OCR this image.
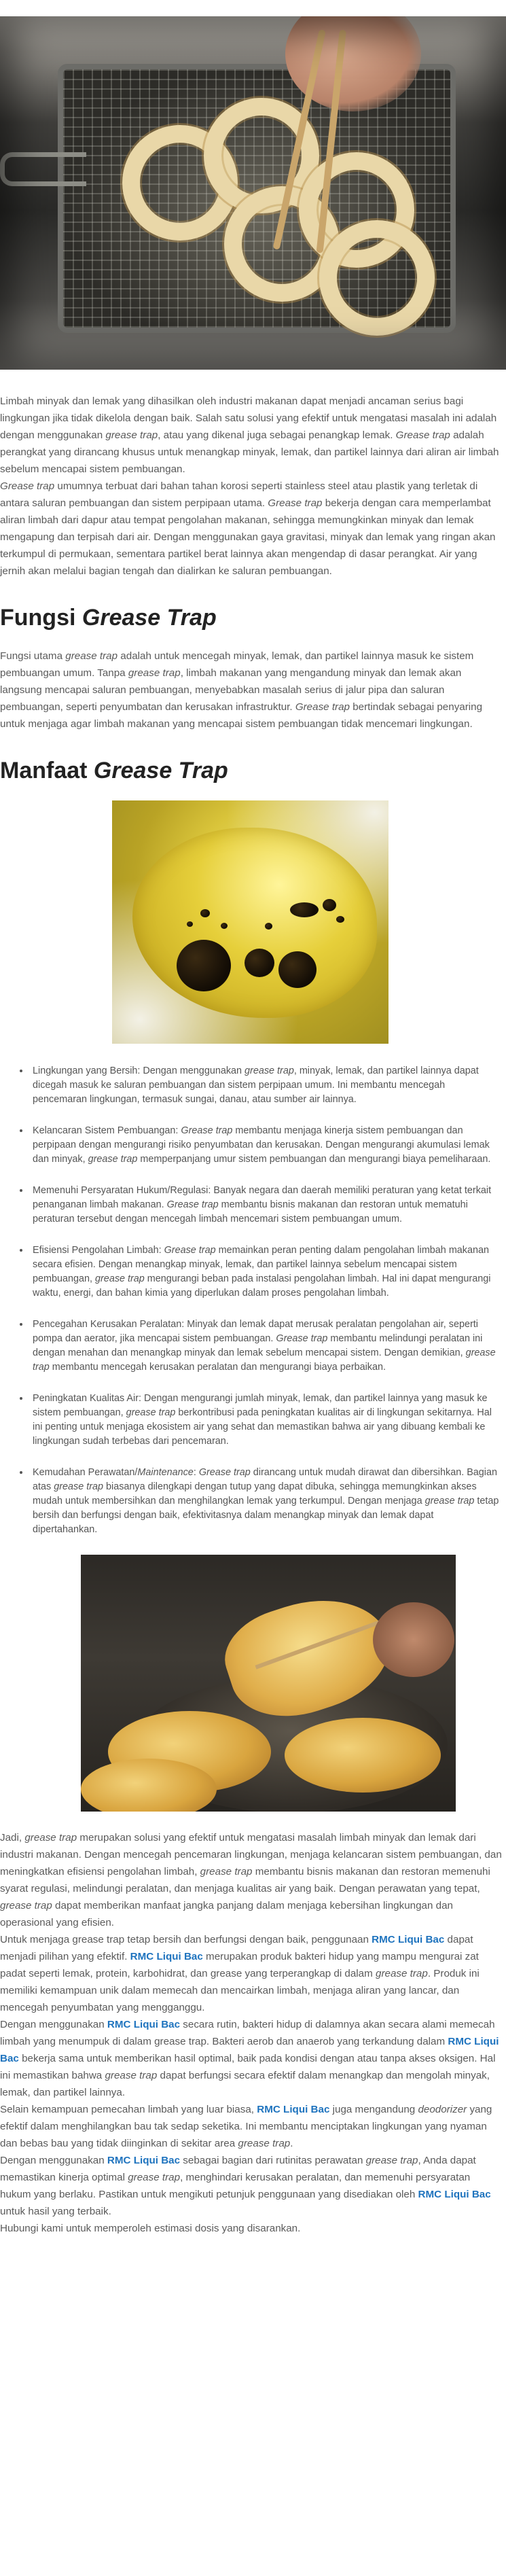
Limbah minyak dan lemak yang dihasilkan oleh industri makanan dapat menjadi ancaman serius bagi lingkungan jika tidak dikelola dengan baik. Salah satu solusi yang efektif untuk mengatasi masalah ini adalah dengan menggunakan grease trap, atau yang dikenal juga sebagai penangkap lemak. Grease trap adalah perangkat yang dirancang khusus untuk menangkap minyak, lemak, dan partikel lainnya dari aliran air limbah sebelum mencapai sistem pembuangan.

Grease trap umumnya terbuat dari bahan tahan korosi seperti stainless steel atau plastik yang terletak di antara saluran pembuangan dan sistem perpipaan utama. Grease trap bekerja dengan cara memperlambat aliran limbah dari dapur atau tempat pengolahan makanan, sehingga memungkinkan minyak dan lemak mengapung dan terpisah dari air. Dengan menggunakan gaya gravitasi, minyak dan lemak yang ringan akan terkumpul di permukaan, sementara partikel berat lainnya akan mengendap di dasar perangkat. Air yang jernih akan melalui bagian tengah dan dialirkan ke saluran pembuangan.

Fungsi Grease Trap

Fungsi utama grease trap adalah untuk mencegah minyak, lemak, dan partikel lainnya masuk ke sistem pembuangan umum. Tanpa grease trap, limbah makanan yang mengandung minyak dan lemak akan langsung mencapai saluran pembuangan, menyebabkan masalah serius di jalur pipa dan saluran pembuangan, seperti penyumbatan dan kerusakan infrastruktur. Grease trap bertindak sebagai penyaring untuk menjaga agar limbah makanan yang mencapai sistem pembuangan tidak mencemari lingkungan.

Manfaat Grease Trap
• Lingkungan yang Bersih: Dengan menggunakan grease trap, minyak, lemak, dan partikel lainnya dapat dicegah masuk ke saluran pembuangan dan sistem perpipaan umum. Ini membantu mencegah pencemaran lingkungan, termasuk sungai, danau, atau sumber air lainnya.
• Kelancaran Sistem Pembuangan: Grease trap membantu menjaga kinerja sistem pembuangan dan perpipaan dengan mengurangi risiko penyumbatan dan kerusakan. Dengan mengurangi akumulasi lemak dan minyak, grease trap memperpanjang umur sistem pembuangan dan mengurangi biaya pemeliharaan.
• Memenuhi Persyaratan Hukum/Regulasi: Banyak negara dan daerah memiliki peraturan yang ketat terkait penanganan limbah makanan. Grease trap membantu bisnis makanan dan restoran untuk mematuhi peraturan tersebut dengan mencegah limbah mencemari sistem pembuangan umum.
• Efisiensi Pengolahan Limbah: Grease trap memainkan peran penting dalam pengolahan limbah makanan secara efisien. Dengan menangkap minyak, lemak, dan partikel lainnya sebelum mencapai sistem pembuangan, grease trap mengurangi beban pada instalasi pengolahan limbah. Hal ini dapat mengurangi waktu, energi, dan bahan kimia yang diperlukan dalam proses pengolahan limbah.
• Pencegahan Kerusakan Peralatan: Minyak dan lemak dapat merusak peralatan pengolahan air, seperti pompa dan aerator, jika mencapai sistem pembuangan. Grease trap membantu melindungi peralatan ini dengan menahan dan menangkap minyak dan lemak sebelum mencapai sistem. Dengan demikian, grease trap membantu mencegah kerusakan peralatan dan mengurangi biaya perbaikan.
• Peningkatan Kualitas Air: Dengan mengurangi jumlah minyak, lemak, dan partikel lainnya yang masuk ke sistem pembuangan, grease trap berkontribusi pada peningkatan kualitas air di lingkungan sekitarnya. Hal ini penting untuk menjaga ekosistem air yang sehat dan memastikan bahwa air yang dibuang kembali ke lingkungan sudah terbebas dari pencemaran.
• Kemudahan Perawatan/Maintenance: Grease trap dirancang untuk mudah dirawat dan dibersihkan. Bagian atas grease trap biasanya dilengkapi dengan tutup yang dapat dibuka, sehingga memungkinkan akses mudah untuk membersihkan dan menghilangkan lemak yang terkumpul. Dengan menjaga grease trap tetap bersih dan berfungsi dengan baik, efektivitasnya dalam menangkap minyak dan lemak dapat dipertahankan.

Jadi, grease trap merupakan solusi yang efektif untuk mengatasi masalah limbah minyak dan lemak dari industri makanan. Dengan mencegah pencemaran lingkungan, menjaga kelancaran sistem pembuangan, dan meningkatkan efisiensi pengolahan limbah, grease trap membantu bisnis makanan dan restoran memenuhi syarat regulasi, melindungi peralatan, dan menjaga kualitas air yang baik. Dengan perawatan yang tepat, grease trap dapat memberikan manfaat jangka panjang dalam menjaga kebersihan lingkungan dan operasional yang efisien.

Untuk menjaga grease trap tetap bersih dan berfungsi dengan baik, penggunaan RMC Liqui Bac dapat menjadi pilihan yang efektif. RMC Liqui Bac merupakan produk bakteri hidup yang mampu mengurai zat padat seperti lemak, protein, karbohidrat, dan grease yang terperangkap di dalam grease trap. Produk ini memiliki kemampuan unik dalam memecah dan mencairkan limbah, menjaga aliran yang lancar, dan mencegah penyumbatan yang mengganggu.

Dengan menggunakan RMC Liqui Bac secara rutin, bakteri hidup di dalamnya akan secara alami memecah limbah yang menumpuk di dalam grease trap. Bakteri aerob dan anaerob yang terkandung dalam RMC Liqui Bac bekerja sama untuk memberikan hasil optimal, baik pada kondisi dengan atau tanpa akses oksigen. Hal ini memastikan bahwa grease trap dapat berfungsi secara efektif dalam menangkap dan mengolah minyak, lemak, dan partikel lainnya.

Selain kemampuan pemecahan limbah yang luar biasa, RMC Liqui Bac juga mengandung deodorizer yang efektif dalam menghilangkan bau tak sedap seketika. Ini membantu menciptakan lingkungan yang nyaman dan bebas bau yang tidak diinginkan di sekitar area grease trap.

Dengan menggunakan RMC Liqui Bac sebagai bagian dari rutinitas perawatan grease trap, Anda dapat memastikan kinerja optimal grease trap, menghindari kerusakan peralatan, dan memenuhi persyaratan hukum yang berlaku. Pastikan untuk mengikuti petunjuk penggunaan yang disediakan oleh RMC Liqui Bac untuk hasil yang terbaik.

Hubungi kami untuk memperoleh estimasi dosis yang disarankan.
